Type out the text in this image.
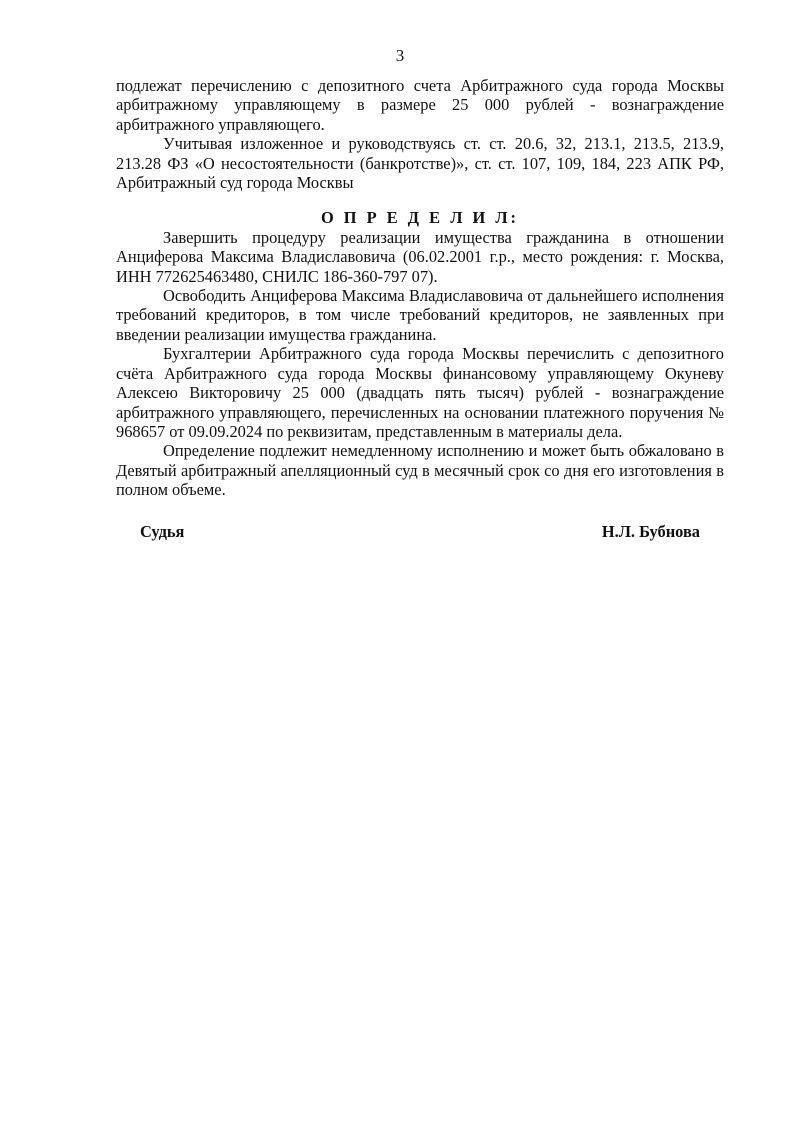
3

подлежат перечислению с депозитного счета Арбитражного суда города Москвы арбитражному управляющему в размере 25 000 рублей - вознаграждение арбитражного управляющего.

Учитывая изложенное и руководствуясь ст. ст. 20.6, 32, 213.1, 213.5, 213.9, 213.28 ФЗ «О несостоятельности (банкротстве)», ст. ст. 107, 109, 184, 223 АПК РФ, Арбитражный суд города Москвы

О П Р Е Д Е Л И Л:

Завершить процедуру реализации имущества гражданина в отношении Анциферова Максима Владиславовича (06.02.2001 г.р., место рождения: г. Москва, ИНН 772625463480, СНИЛС 186-360-797 07).

Освободить Анциферова Максима Владиславовича от дальнейшего исполнения требований кредиторов, в том числе требований кредиторов, не заявленных при введении реализации имущества гражданина.

Бухгалтерии Арбитражного суда города Москвы перечислить с депозитного счёта Арбитражного суда города Москвы финансовому управляющему Окуневу Алексею Викторовичу 25 000 (двадцать пять тысяч) рублей - вознаграждение арбитражного управляющего, перечисленных на основании платежного поручения № 968657 от 09.09.2024 по реквизитам, представленным в материалы дела.

Определение подлежит немедленному исполнению и может быть обжаловано в Девятый арбитражный апелляционный суд в месячный срок со дня его изготовления в полном объеме.

Судья	Н.Л. Бубнова
